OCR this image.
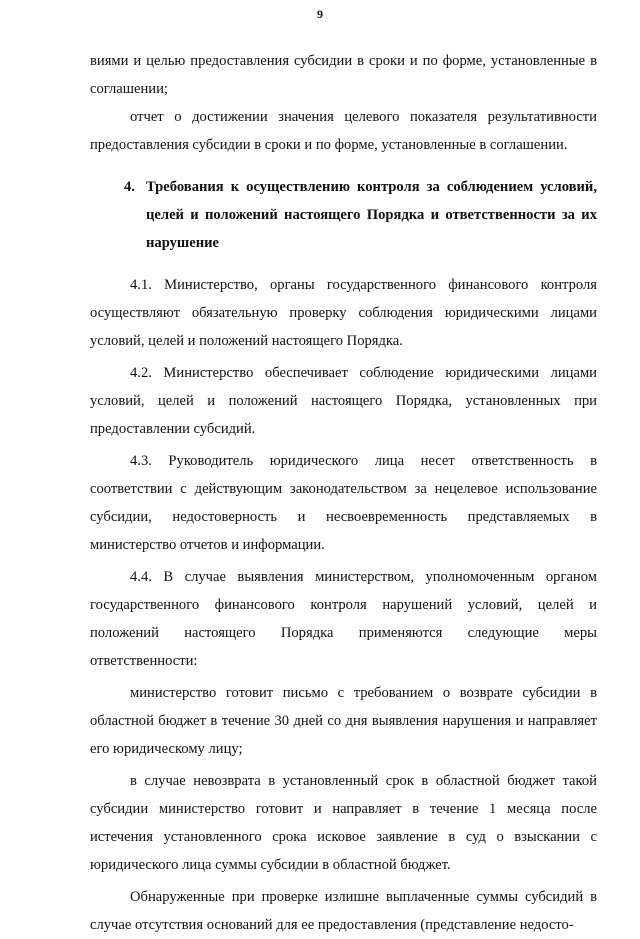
9

виями и целью предоставления субсидии в сроки и по форме, установленные в соглашении;

отчет о достижении значения целевого показателя результативности предоставления субсидии в сроки и по форме, установленные в соглашении.

4. Требования к осуществлению контроля за соблюдением условий, целей и положений настоящего Порядка и ответственности за их нарушение

4.1. Министерство, органы государственного финансового контроля осуществляют обязательную проверку соблюдения юридическими лицами условий, целей и положений настоящего Порядка.

4.2. Министерство обеспечивает соблюдение юридическими лицами условий, целей и положений настоящего Порядка, установленных при предоставлении субсидий.

4.3. Руководитель юридического лица несет ответственность в соответствии с действующим законодательством за нецелевое использование субсидии, недостоверность и несвоевременность представляемых в министерство отчетов и информации.

4.4. В случае выявления министерством, уполномоченным органом государственного финансового контроля нарушений условий, целей и положений настоящего Порядка применяются следующие меры ответственности:

министерство готовит письмо с требованием о возврате субсидии в областной бюджет в течение 30 дней со дня выявления нарушения и направляет его юридическому лицу;

в случае невозврата в установленный срок в областной бюджет такой субсидии министерство готовит и направляет в течение 1 месяца после истечения установленного срока исковое заявление в суд о взыскании с юридического лица суммы субсидии в областной бюджет.

Обнаруженные при проверке излишне выплаченные суммы субсидий в случае отсутствия оснований для ее предоставления (представление недосто-
